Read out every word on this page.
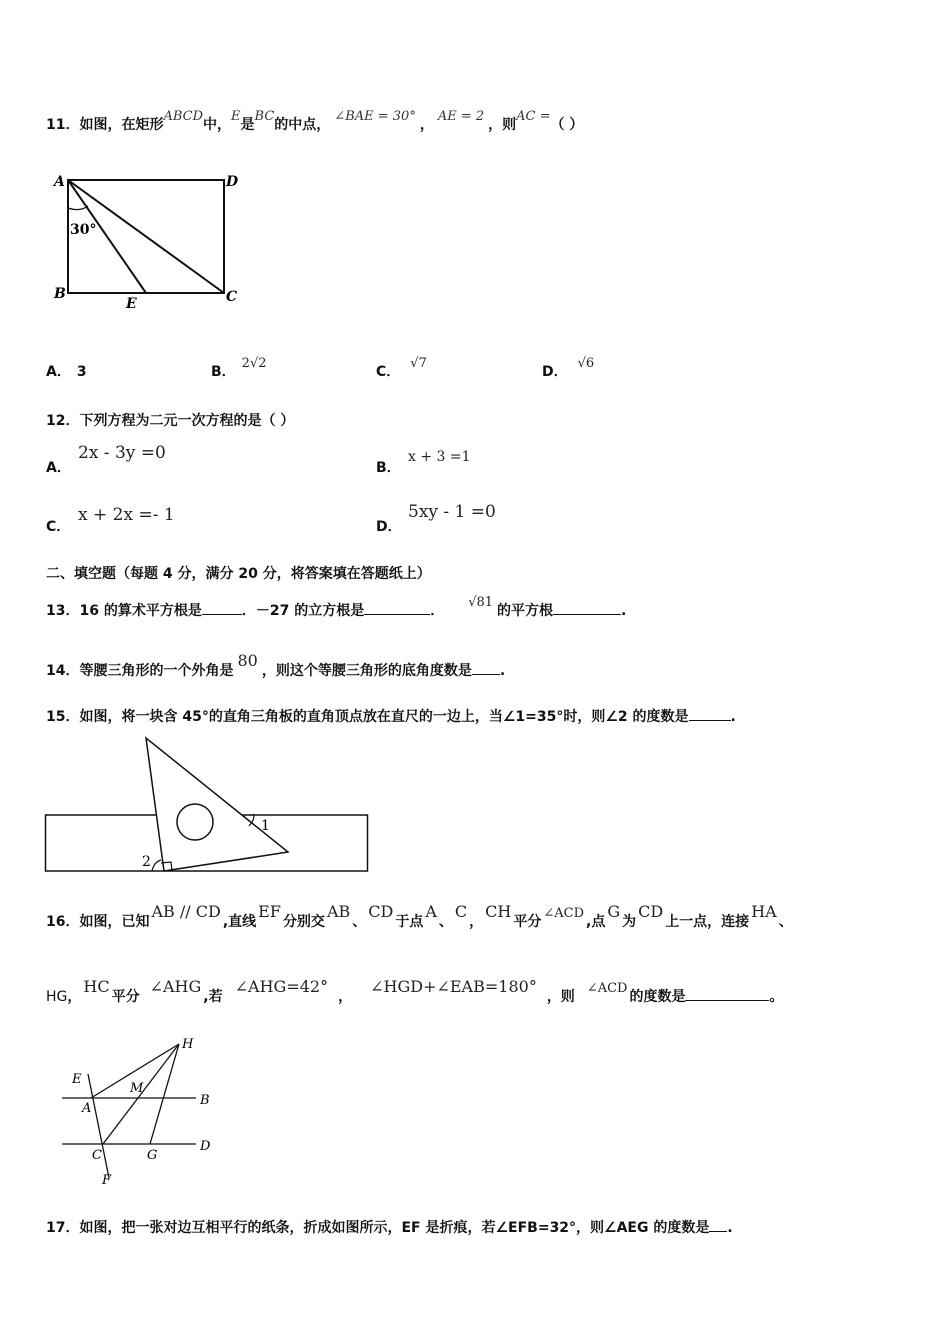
11．如图，在矩形ABCD中，E是BC的中点，∠BAE = 30°，AE = 2，则AC =（ ）
A	D
B	C
E
30°
A． 3	B．2√2
C．√7
D．√6
12．下列方程为二元一次方程的是（ ）
A．
2x - 3y =0
B．
x + 3 =1
C．
x + 2x =- 1
D．
5xy - 1 =0
二、填空题（每题 4 分，满分 20 分，将答案填在答题纸上）
13．16 的算术平方根是	．－27 的立方根是	．√81的平方根	.
14．等腰三角形的一个外角是80，则这个等腰三角形的底角度数是 .
15．如图，将一块含 45°的直角三角板的直角顶点放在直尺的一边上，当∠1=35°时，则∠2 的度数是	.
1
2
16．如图，已知AB // CD,直线EF分别交AB、CD于点A、C，CH平分∠ACD,点G为CD上一点，连接HA、
HG，HC平分∠AHG,若∠AHG=42°，∠HGD+∠EAB=180°，则∠ACD的度数是	。
H
E
M
A
B
C	G
D
F
17．如图，把一张对边互相平行的纸条，折成如图所示，EF 是折痕，若∠EFB=32°，则∠AEG 的度数是 .
